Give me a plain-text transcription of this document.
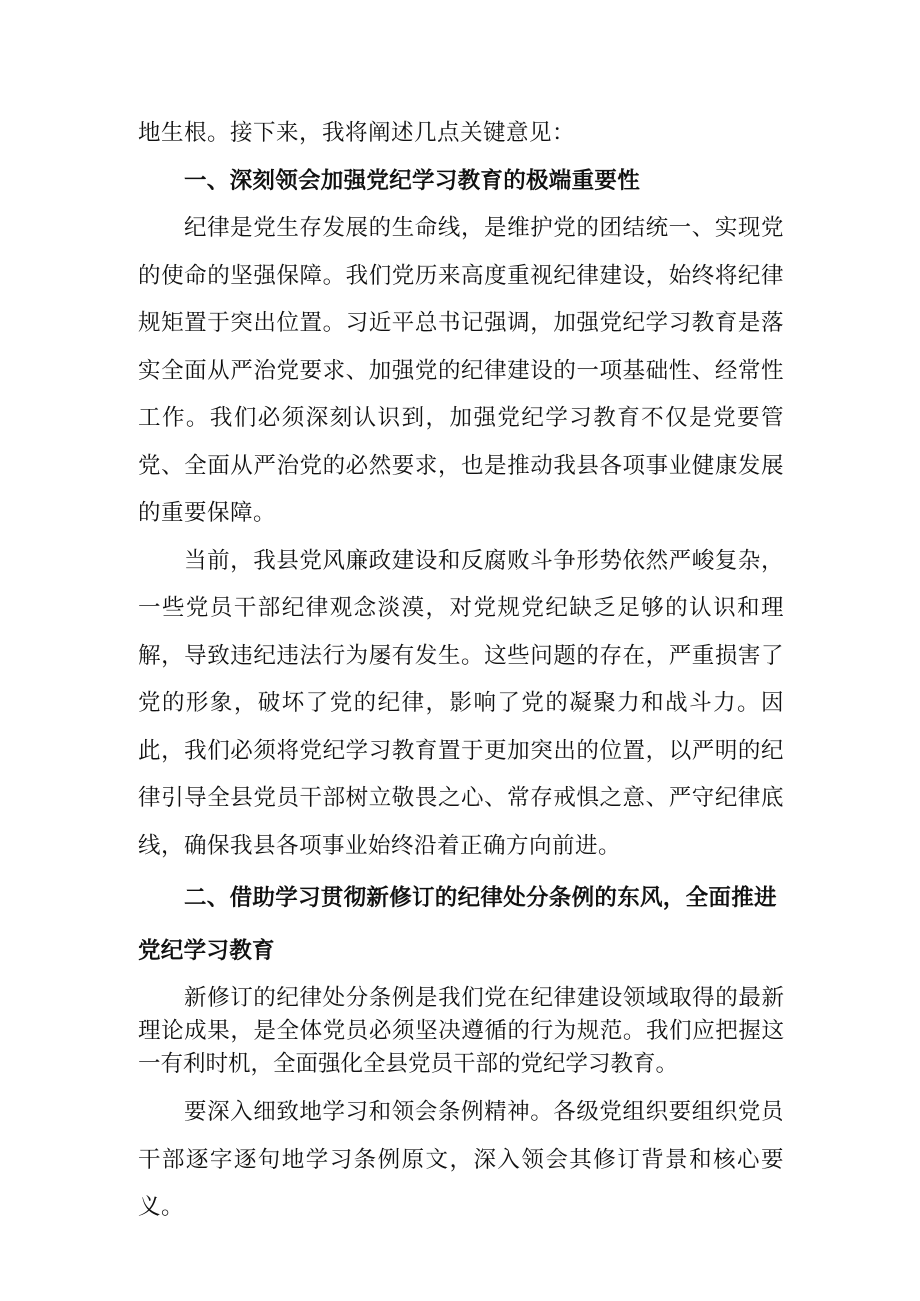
地生根。接下来，我将阐述几点关键意见：

一、深刻领会加强党纪学习教育的极端重要性

纪律是党生存发展的生命线，是维护党的团结统一、实现党的使命的坚强保障。我们党历来高度重视纪律建设，始终将纪律规矩置于突出位置。习近平总书记强调，加强党纪学习教育是落实全面从严治党要求、加强党的纪律建设的一项基础性、经常性工作。我们必须深刻认识到，加强党纪学习教育不仅是党要管党、全面从严治党的必然要求，也是推动我县各项事业健康发展的重要保障。

当前，我县党风廉政建设和反腐败斗争形势依然严峻复杂，一些党员干部纪律观念淡漠，对党规党纪缺乏足够的认识和理解，导致违纪违法行为屡有发生。这些问题的存在，严重损害了党的形象，破坏了党的纪律，影响了党的凝聚力和战斗力。因此，我们必须将党纪学习教育置于更加突出的位置，以严明的纪律引导全县党员干部树立敬畏之心、常存戒惧之意、严守纪律底线，确保我县各项事业始终沿着正确方向前进。

二、借助学习贯彻新修订的纪律处分条例的东风，全面推进党纪学习教育

新修订的纪律处分条例是我们党在纪律建设领域取得的最新理论成果，是全体党员必须坚决遵循的行为规范。我们应把握这一有利时机，全面强化全县党员干部的党纪学习教育。

要深入细致地学习和领会条例精神。各级党组织要组织党员干部逐字逐句地学习条例原文，深入领会其修订背景和核心要义。
